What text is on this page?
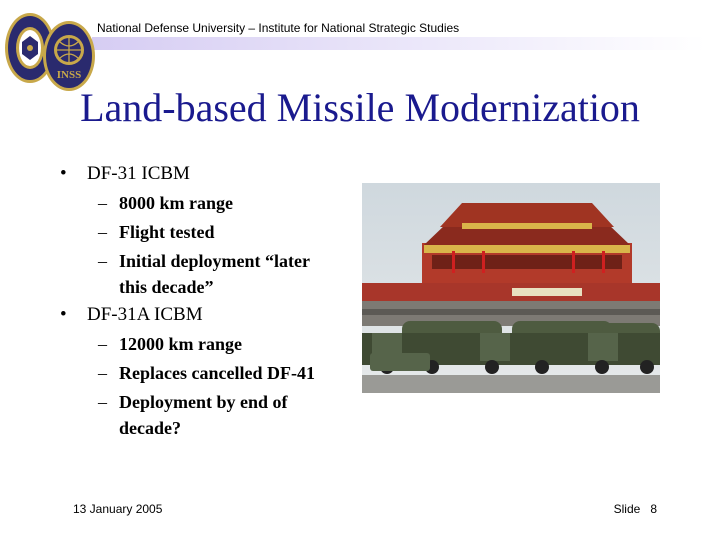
National Defense University – Institute for National Strategic Studies
INSS
Land-based Missile Modernization
• DF-31 ICBM
– 8000 km range
– Flight tested
– Initial deployment “later
this decade”
• DF-31A ICBM
– 12000 km range
– Replaces cancelled DF-41
– Deployment by end of
decade?
13 January 2005	Slide 8
